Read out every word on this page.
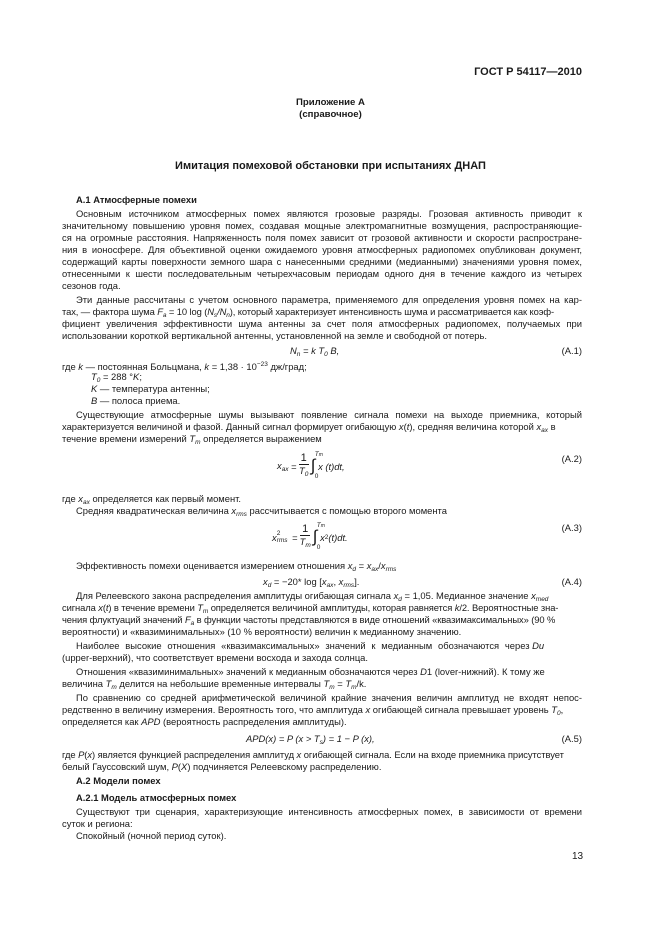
ГОСТ Р 54117—2010
Приложение А
(справочное)
Имитация помеховой обстановки при испытаниях ДНАП
А.1 Атмосферные помехи
Основным источником атмосферных помех являются грозовые разряды. Грозовая активность приводит к
значительному повышению уровня помех, создавая мощные электромагнитные возмущения, распространяющие-
ся на огромные расстояния. Напряженность поля помех зависит от грозовой активности и скорости распростране-
ния в ионосфере. Для объективной оценки ожидаемого уровня атмосферных радиопомех опубликован документ,
содержащий карты поверхности земного шара с нанесенными средними (медианными) значениями уровня помех,
отнесенными к шести последовательным четырехчасовым периодам одного дня в течение каждого из четырех
сезонов года.
Эти данные рассчитаны с учетом основного параметра, применяемого для определения уровня помех на кар-
тах, — фактора шума $F_a = 10$ $\log (N_s/N_n)$, который характеризует интенсивность шума и рассматривается как коэф-
фициент увеличения эффективности шума антенны за счет поля атмосферных радиопомех, получаемых при
использовании короткой вертикальной антенны, установленной на земле и свободной от потерь.
$N_n = k$ $T_0$ B,	(А.1)
где k — постоянная Больцмана, $k = 1,38 \cdot 10^{-23}$ дж/град;
$T_0 = 288$ °K;
K — температура антенны;
B — полоса приема.
Существующие атмосферные шумы вызывают появление сигнала помехи на выходе приемника, который
характеризуется величиной и фазой. Данный сигнал формирует огибающую x(t), средняя величина которой $x_{ax}$ в
течение времени измерений $T_m$ определяется выражением
$x_{ax} = \frac{1}{T_0}$ ∫
Tm
0

x (t)dt,
(А.2)
где $x_{ax}$ определяется как первый момент.
Средняя квадратическая величина $x_{rms}$ рассчитывается с помощью второго момента
x 2
rms = $\frac{1}{T_m}$ ∫
Tm
0

x 2 (t)dt.
(А.3)
Эффективность помехи оценивается измерением отношения $x_d = x_{ax}/x_{rms}$
$x_d = -20*$ $\log [x_{ax}$, $x_{rms}$].	(А.4)
Для Релеевского закона распределения амплитуды огибающая сигнала $x_d = 1,05$. Медианное значение $x_{med}$
сигнала x(t) в течение времени $T_m$ определяется величиной амплитуды, которая равняется k/2. Вероятностные зна-
чения флуктуаций значений $F_a$ в функции частоты представляются в виде отношений «квазимаксимальных» (90 %
вероятности) и «квазиминимальных» (10 % вероятности) величин к медианному значению.
Наиболее высокие отношения «квазимаксимальных» значений к медианным обозначаются через Du
(upper-верхний), что соответствует времени восхода и захода солнца.
Отношения «квазиминимальных» значений к медианным обозначаются через D1 (lover-нижний). К тому же
величина $T_m$ делится на небольшие временные интервалы $T_m = T_m/k$.
По сравнению со средней арифметической величиной крайние значения величин амплитуд не входят непос-
редственно в величину измерения. Вероятность того, что амплитуда x огибающей сигнала превышает уровень $T_0$,
определяется как APD (вероятность распределения амплитуды).
APD(x) = P $(x > T_s) = 1 - P$ (x),	(А.5)
где P(x) является функцией распределения амплитуд x огибающей сигнала. Если на входе приемника присутствует
белый Гауссовский шум, P(X) подчиняется Релеевскому распределению.
А.2 Модели помех
А.2.1 Модель атмосферных помех
Существуют три сценария, характеризующие интенсивность атмосферных помех, в зависимости от времени
суток и региона:
Спокойный (ночной период суток).
13
